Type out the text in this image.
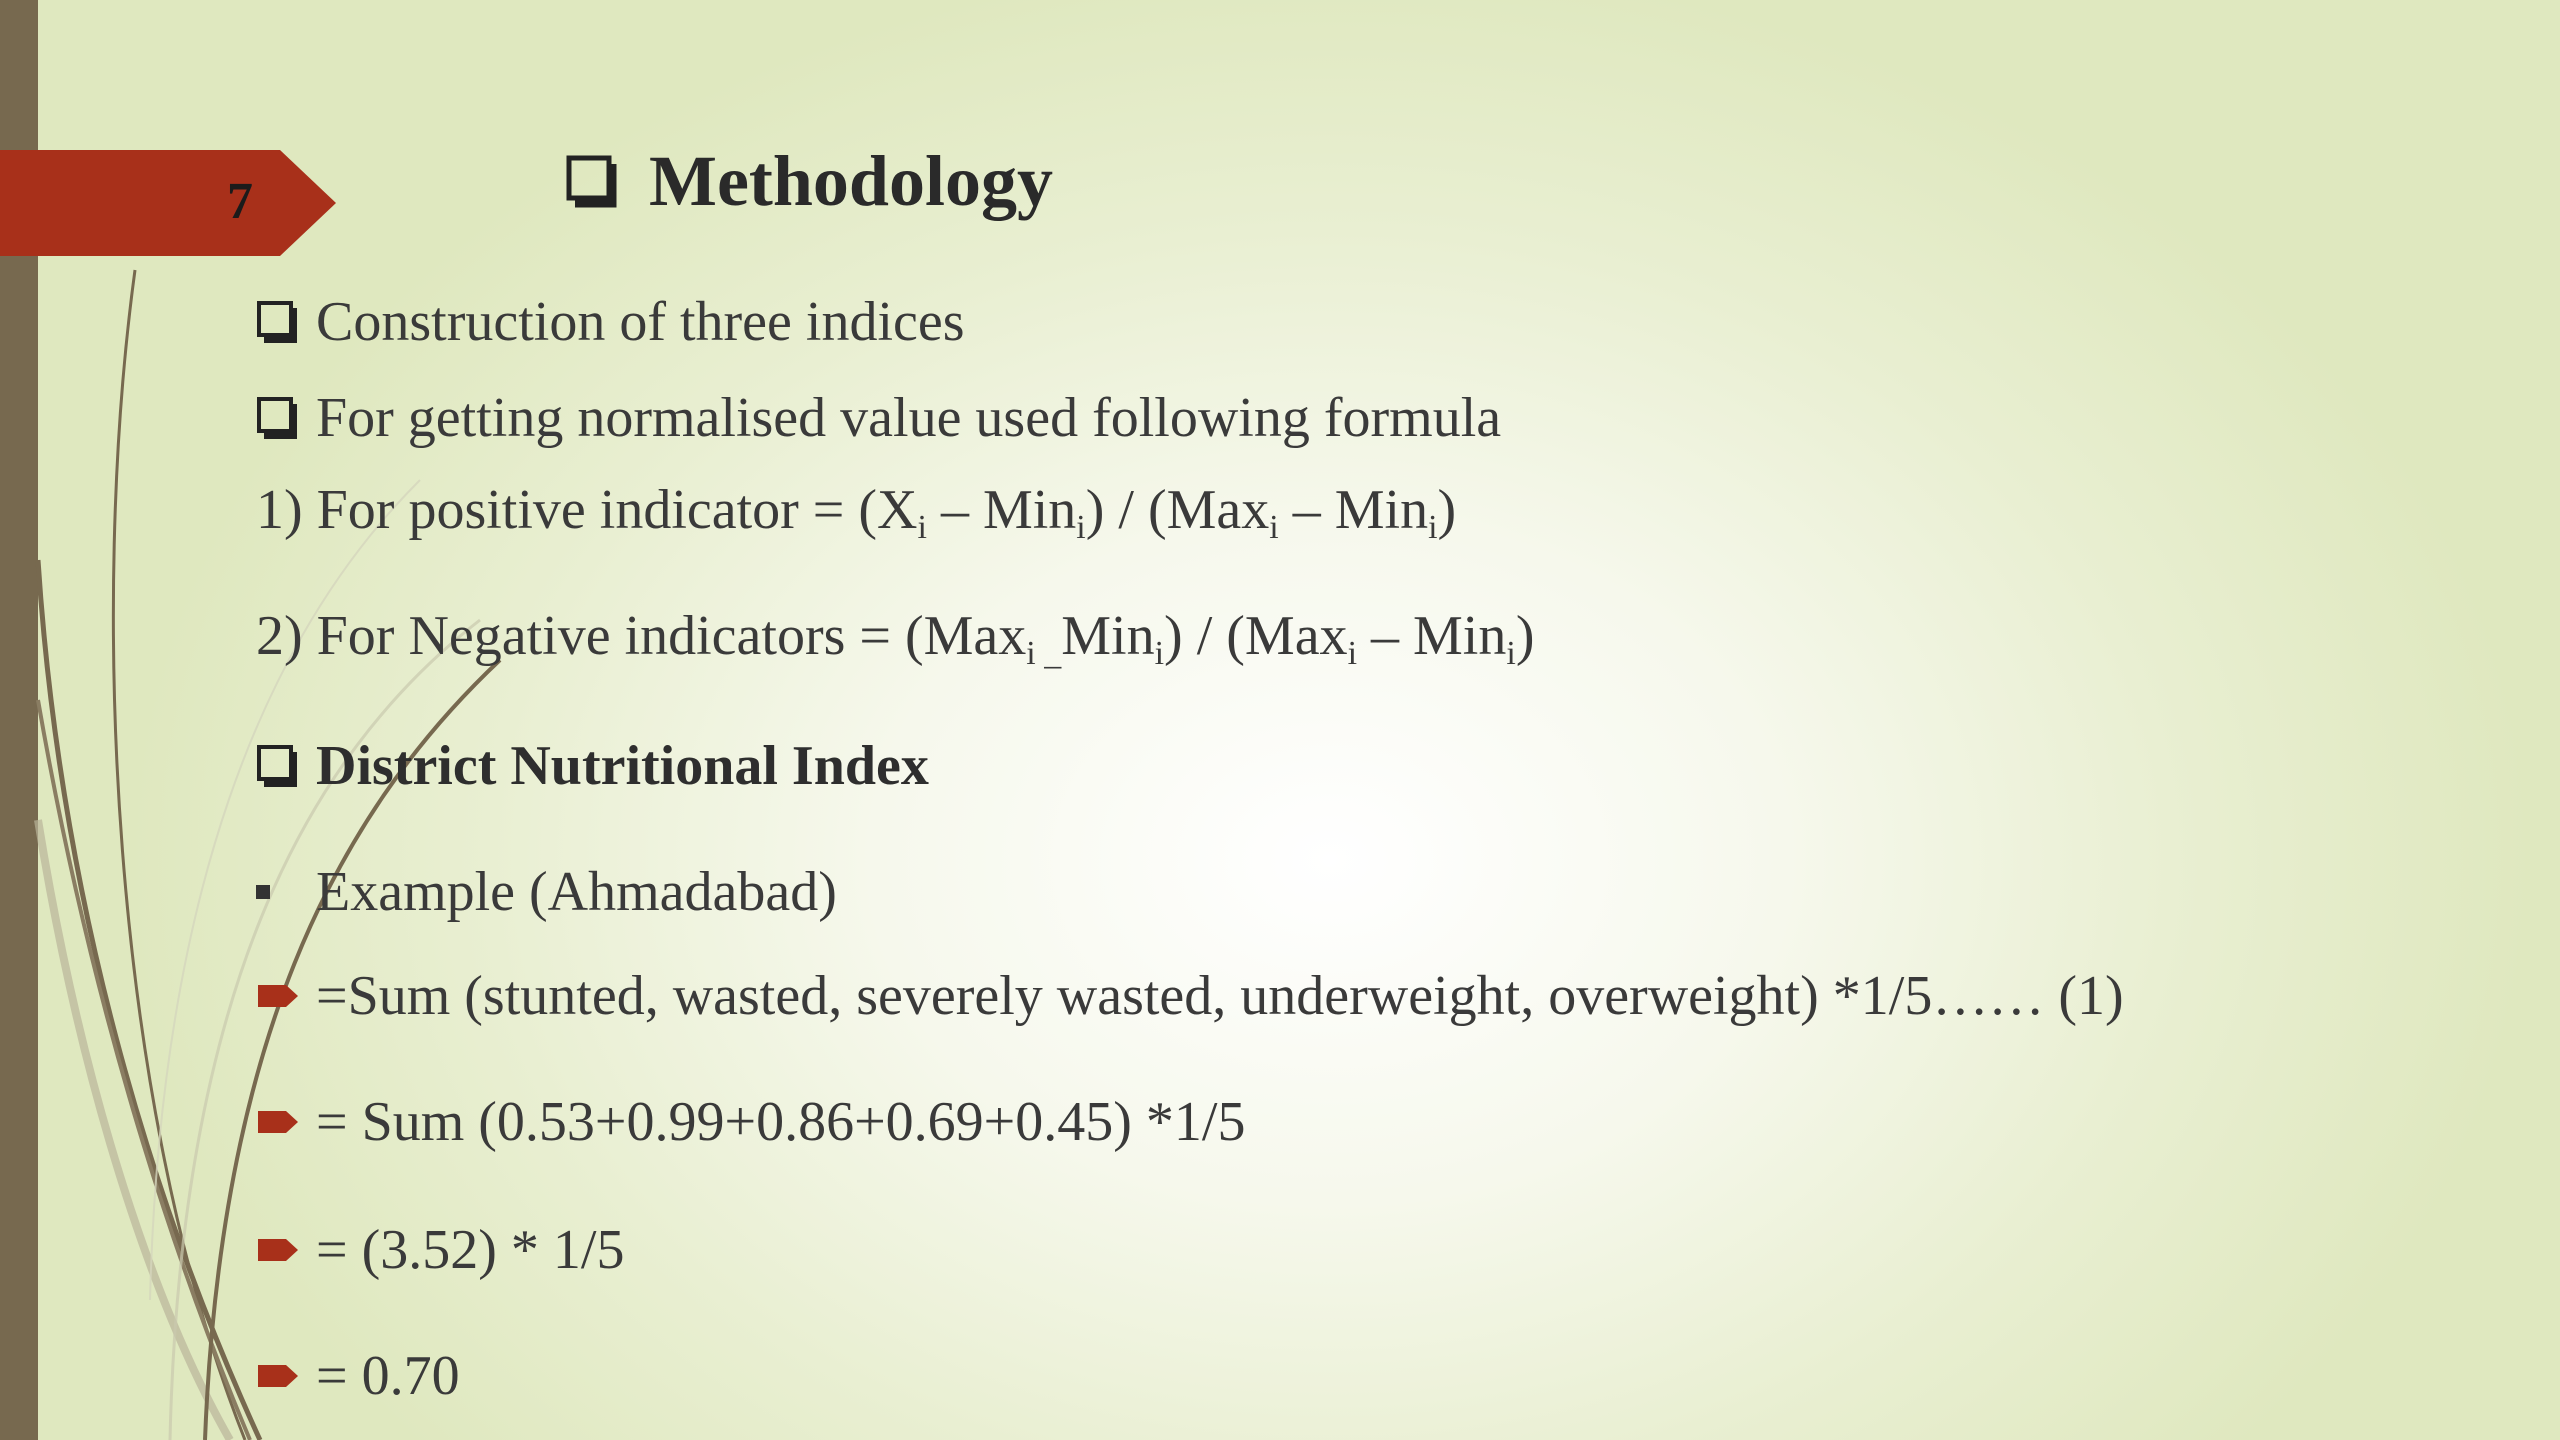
7	Methodology
Construction of three indices
For getting normalised value used following formula
1) For positive indicator = $(X_i - Min_i) / (Max_i - Min_i)$
2) For Negative indicators = (Max$_{i \_}$Min$_i$) / (Max$_i$ – Min$_i$)
District Nutritional Index
Example (Ahmadabad)
=Sum (stunted, wasted, severely wasted, underweight, overweight) *1/5…… (1)
= Sum (0.53+0.99+0.86+0.69+0.45) *1/5
= (3.52) * 1/5
= 0.70
